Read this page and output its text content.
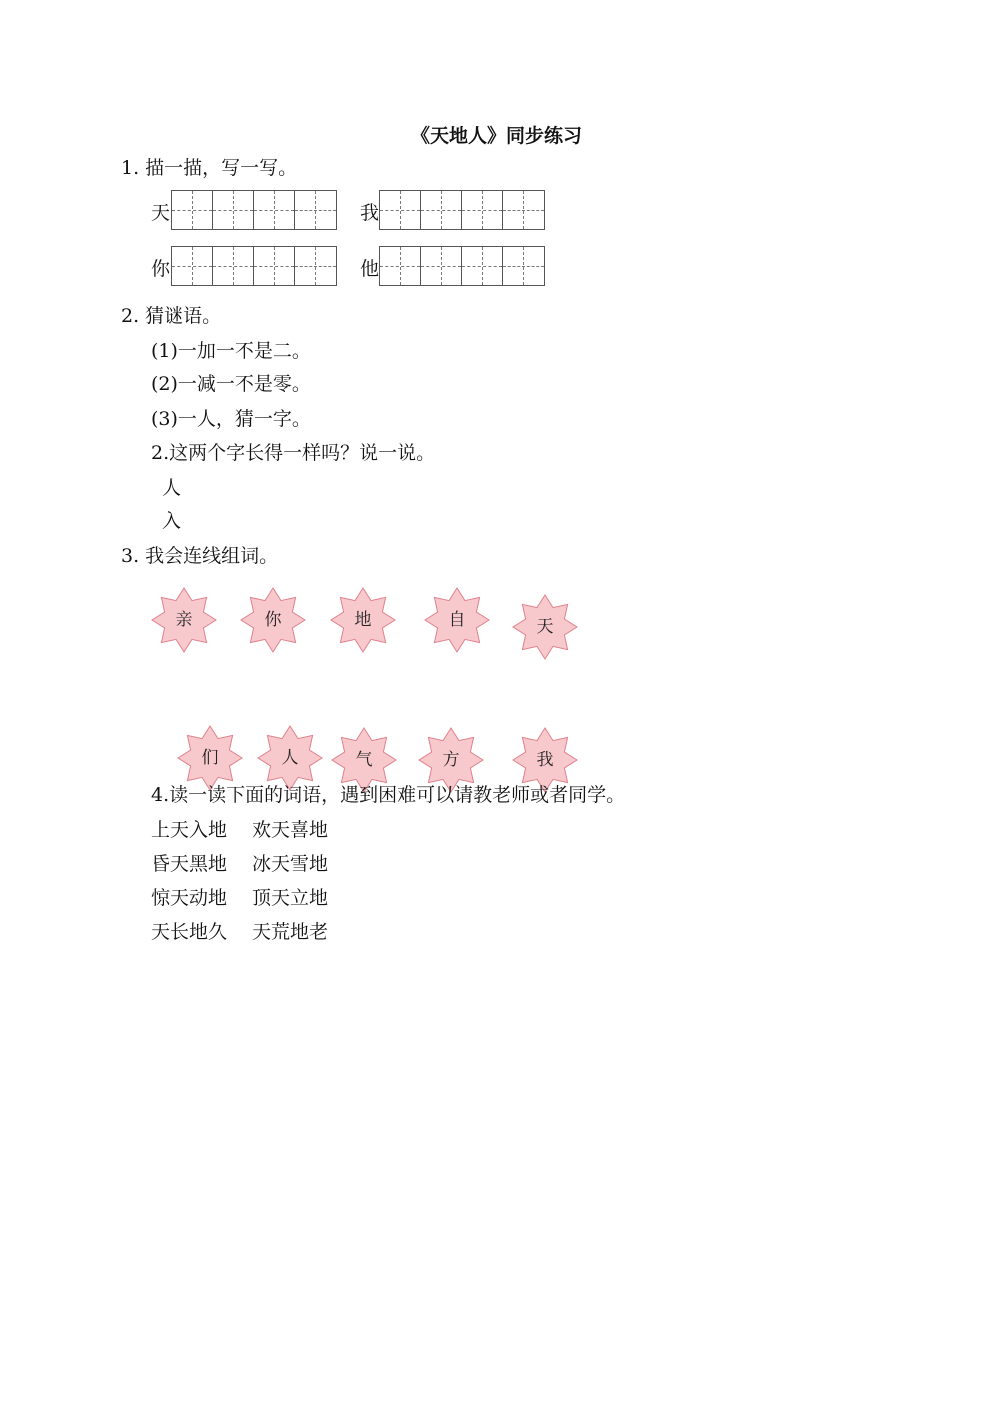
《天地人》同步练习
1. 描一描，写一写。
天	我
你	他
2. 猜谜语。
(1)一加一不是二。
(2)一减一不是零。
(3)一人，猜一字。
2.这两个字长得一样吗？说一说。
人
入
3. 我会连线组词。
亲	你	地	自	天
们	人	气	方	我
4.读一读下面的词语，遇到困难可以请教老师或者同学。
上天入地 欢天喜地
昏天黑地 冰天雪地
惊天动地 顶天立地
天长地久 天荒地老
